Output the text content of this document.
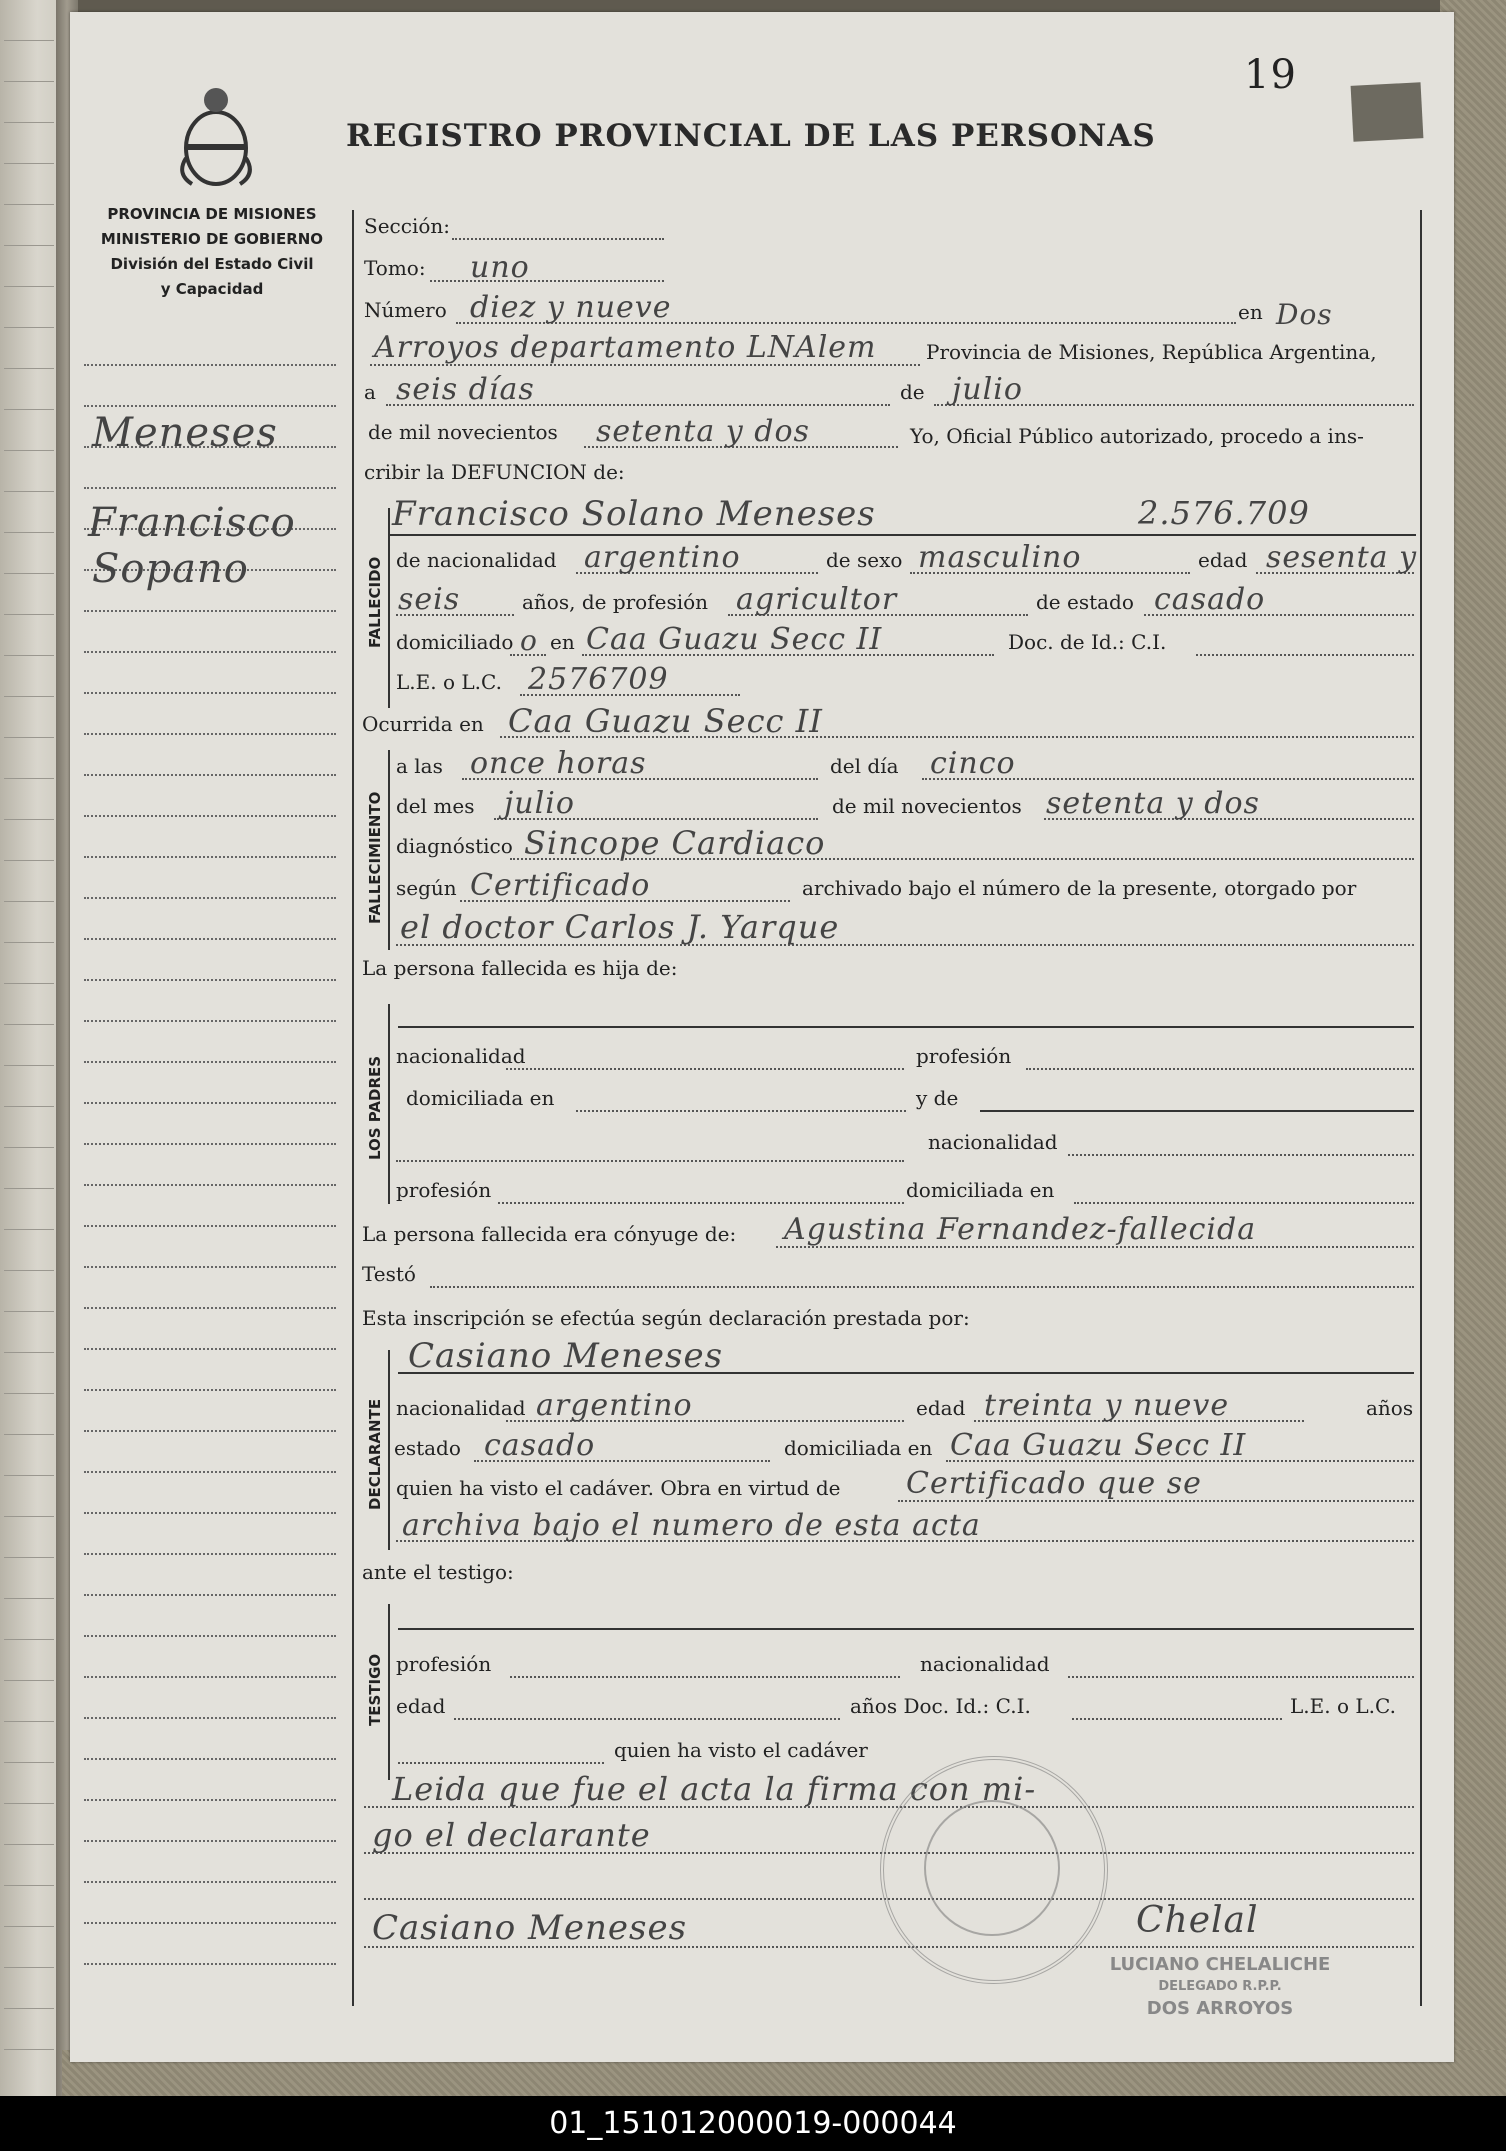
19
REGISTRO PROVINCIAL DE LAS PERSONAS
PROVINCIA DE MISIONES
MINISTERIO DE GOBIERNO
División del Estado Civil
y Capacidad
Meneses
Francisco
Sopano
Sección:
Tomo: uno
Número diez y nueve	en Dos
Arroyos departamento LNAlem Provincia de Misiones, República Argentina,
a seis días	de julio
de mil novecientos setenta y dos	Yo, Oficial Público autorizado, procedo a ins-
cribir la DEFUNCION de:
Francisco Solano Meneses	2.576.709
FALLECIDO de nacionalidad argentino	de sexo masculino	edad sesenta y
seis	años, de profesión agricultor	de estado casado
domiciliado o en Caa Guazu Secc II	Doc. de Id.: C.I.
L.E. o L.C. 2576709
Ocurrida en Caa Guazu Secc II
FALLECIMIENTO
a las once horas	del día cinco
del mes julio	de mil novecientos setenta y dos
diagnóstico Sincope Cardiaco
según Certificado	archivado bajo el número de la presente, otorgado por
el doctor Carlos J. Yarque
La persona fallecida es hija de:
LOS PADRES nacionalidad	profesión
domiciliada en	y de
nacionalidad
profesión	domiciliada en
La persona fallecida era cónyuge de: Agustina Fernandez-fallecida
Testó
Esta inscripción se efectúa según declaración prestada por:
Casiano Meneses
DECLARANTE nacionalidad argentino	edad treinta y nueve	años
estado casado	domiciliada en Caa Guazu Secc II
quien ha visto el cadáver. Obra en virtud de Certificado que se
archiva bajo el numero de esta acta
ante el testigo:
TESTIGO profesión	nacionalidad
edad	años Doc. Id.: C.I.	L.E. o L.C.
quien ha visto el cadáver
Leida que fue el acta la firma con mi-
go el declarante
Casiano Meneses	Chelal
LUCIANO CHELALICHE
DELEGADO R.P.P.
DOS ARROYOS
01_151012000019-000044
